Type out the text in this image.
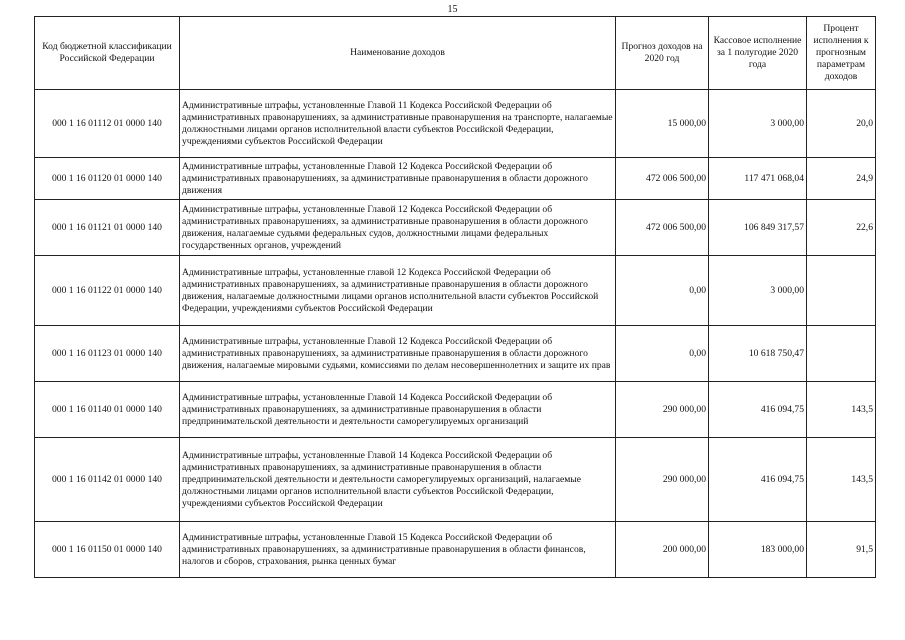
15
Код бюджетной классификации Российской Федерации	Наименование доходов	Прогноз доходов на 2020 год	Кассовое исполнение за 1 полугодие 2020 года	Процент исполнения к прогнозным параметрам доходов
000 1 16 01112 01 0000 140	Административные штрафы, установленные Главой 11 Кодекса Российской Федерации об административных правонарушениях, за административные правонарушения на транспорте, налагаемые должностными лицами органов исполнительной власти субъектов Российской Федерации, учреждениями субъектов Российской Федерации	15 000,00	3 000,00	20,0
000 1 16 01120 01 0000 140	Административные штрафы, установленные Главой 12 Кодекса Российской Федерации об административных правонарушениях, за административные правонарушения в области дорожного движения	472 006 500,00	117 471 068,04	24,9
000 1 16 01121 01 0000 140	Административные штрафы, установленные Главой 12 Кодекса Российской Федерации об административных правонарушениях, за административные правонарушения в области дорожного движения, налагаемые судьями федеральных судов, должностными лицами федеральных государственных органов, учреждений	472 006 500,00	106 849 317,57	22,6
000 1 16 01122 01 0000 140	Административные штрафы, установленные главой 12 Кодекса Российской Федерации об административных правонарушениях, за административные правонарушения в области дорожного движения, налагаемые должностными лицами органов исполнительной власти субъектов Российской Федерации, учреждениями субъектов Российской Федерации	0,00	3 000,00	
000 1 16 01123 01 0000 140	Административные штрафы, установленные Главой 12 Кодекса Российской Федерации об административных правонарушениях, за административные правонарушения в области дорожного движения, налагаемые мировыми судьями, комиссиями по делам несовершеннолетних и защите их прав	0,00	10 618 750,47	
000 1 16 01140 01 0000 140	Административные штрафы, установленные Главой 14 Кодекса Российской Федерации об административных правонарушениях, за административные правонарушения в области предпринимательской деятельности и деятельности саморегулируемых организаций	290 000,00	416 094,75	143,5
000 1 16 01142 01 0000 140	Административные штрафы, установленные Главой 14 Кодекса Российской Федерации об административных правонарушениях, за административные правонарушения в области предпринимательской деятельности и деятельности саморегулируемых организаций, налагаемые должностными лицами органов исполнительной власти субъектов Российской Федерации, учреждениями субъектов Российской Федерации	290 000,00	416 094,75	143,5
000 1 16 01150 01 0000 140	Административные штрафы, установленные Главой 15 Кодекса Российской Федерации об административных правонарушениях, за административные правонарушения в области финансов, налогов и сборов, страхования, рынка ценных бумаг	200 000,00	183 000,00	91,5
